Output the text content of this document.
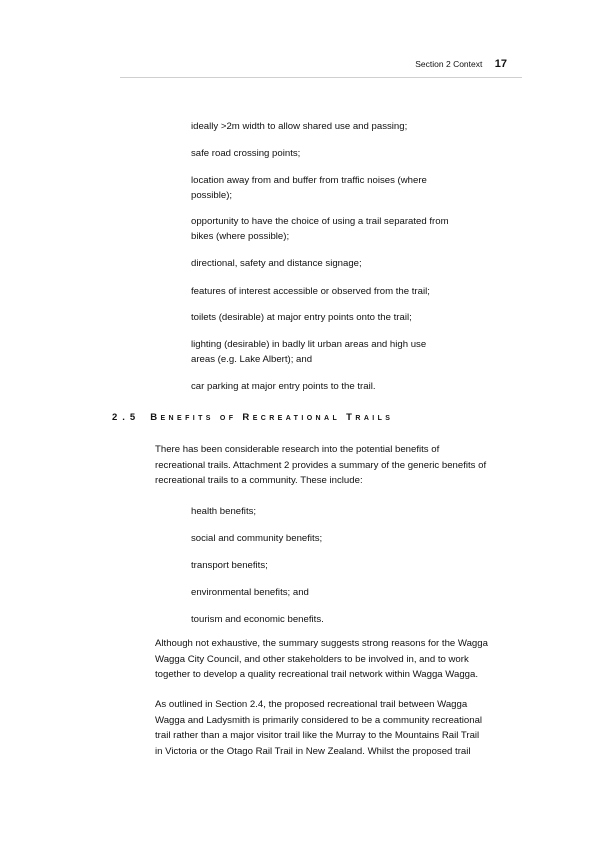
Section 2 Context 17
ideally >2m width to allow shared use and passing;
safe road crossing points;
location away from and buffer from traffic noises (where possible);
opportunity to have the choice of using a trail separated from bikes (where possible);
directional, safety and distance signage;
features of interest accessible or observed from the trail;
toilets (desirable) at major entry points onto the trail;
lighting (desirable) in badly lit urban areas and high use areas (e.g. Lake Albert); and
car parking at major entry points to the trail.
2.5 Benefits of Recreational Trails
There has been considerable research into the potential benefits of
recreational trails. Attachment 2 provides a summary of the generic benefits of
recreational trails to a community. These include:
health benefits;
social and community benefits;
transport benefits;
environmental benefits; and
tourism and economic benefits.
Although not exhaustive, the summary suggests strong reasons for the Wagga
Wagga City Council, and other stakeholders to be involved in, and to work
together to develop a quality recreational trail network within Wagga Wagga.
As outlined in Section 2.4, the proposed recreational trail between Wagga
Wagga and Ladysmith is primarily considered to be a community recreational
trail rather than a major visitor trail like the Murray to the Mountains Rail Trail
in Victoria or the Otago Rail Trail in New Zealand. Whilst the proposed trail
